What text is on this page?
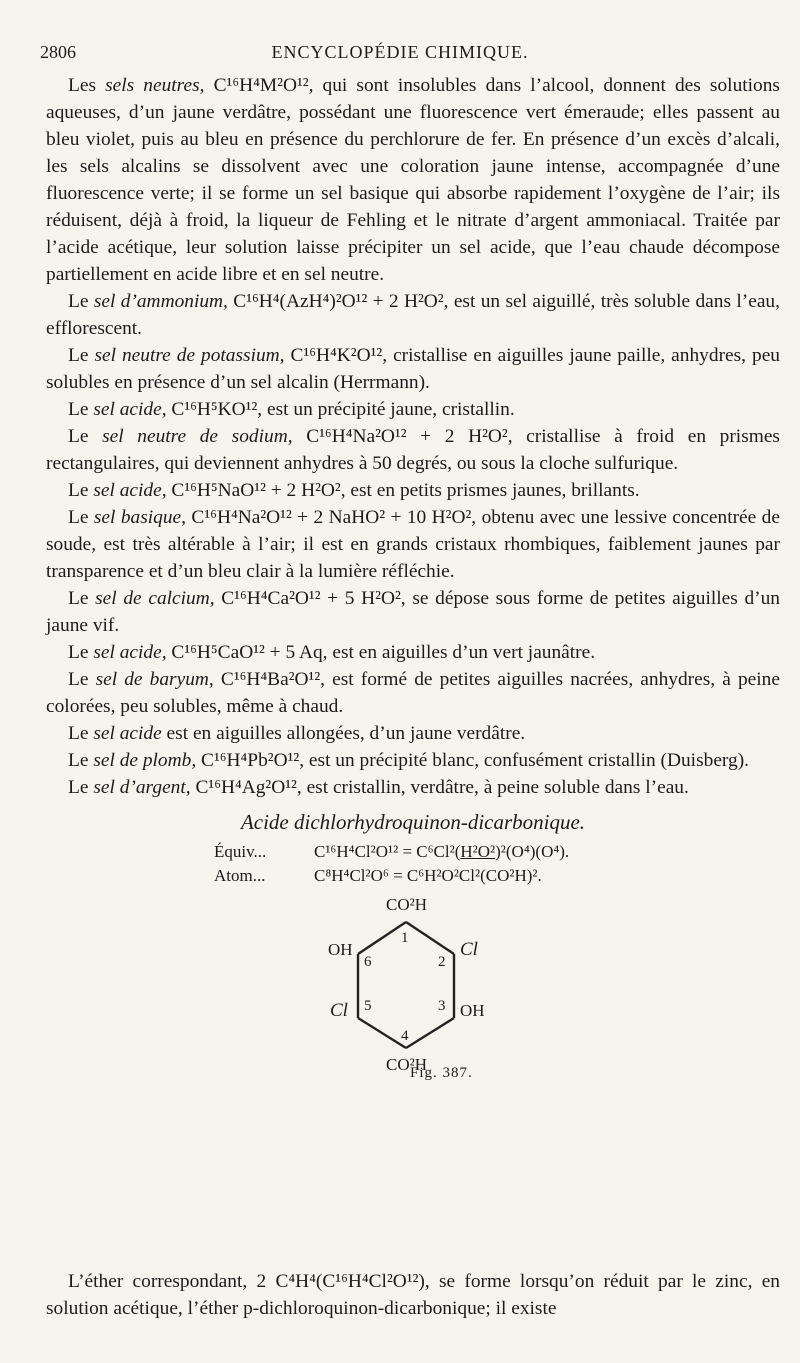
2806	ENCYCLOPÉDIE CHIMIQUE.

Les sels neutres, C¹⁶H⁴M²O¹², qui sont insolubles dans l’alcool, donnent des solutions aqueuses, d’un jaune verdâtre, possédant une fluorescence vert émeraude; elles passent au bleu violet, puis au bleu en présence du perchlorure de fer. En présence d’un excès d’alcali, les sels alcalins se dissolvent avec une coloration jaune intense, accompagnée d’une fluorescence verte; il se forme un sel basique qui absorbe rapidement l’oxygène de l’air; ils réduisent, déjà à froid, la liqueur de Fehling et le nitrate d’argent ammoniacal. Traitée par l’acide acétique, leur solution laisse précipiter un sel acide, que l’eau chaude décompose partiellement en acide libre et en sel neutre.

Le sel d’ammonium, C¹⁶H⁴(AzH⁴)²O¹² + 2 H²O², est un sel aiguillé, très soluble dans l’eau, efflorescent.

Le sel neutre de potassium, C¹⁶H⁴K²O¹², cristallise en aiguilles jaune paille, anhydres, peu solubles en présence d’un sel alcalin (Herrmann).

Le sel acide, C¹⁶H⁵KO¹², est un précipité jaune, cristallin.

Le sel neutre de sodium, C¹⁶H⁴Na²O¹² + 2 H²O², cristallise à froid en prismes rectangulaires, qui deviennent anhydres à 50 degrés, ou sous la cloche sulfurique.

Le sel acide, C¹⁶H⁵NaO¹² + 2 H²O², est en petits prismes jaunes, brillants.

Le sel basique, C¹⁶H⁴Na²O¹² + 2 NaHO² + 10 H²O², obtenu avec une lessive concentrée de soude, est très altérable à l’air; il est en grands cristaux rhombiques, faiblement jaunes par transparence et d’un bleu clair à la lumière réfléchie.

Le sel de calcium, C¹⁶H⁴Ca²O¹² + 5 H²O², se dépose sous forme de petites aiguilles d’un jaune vif.

Le sel acide, C¹⁶H⁵CaO¹² + 5 Aq, est en aiguilles d’un vert jaunâtre.

Le sel de baryum, C¹⁶H⁴Ba²O¹², est formé de petites aiguilles nacrées, anhydres, à peine colorées, peu solubles, même à chaud.

Le sel acide est en aiguilles allongées, d’un jaune verdâtre.

Le sel de plomb, C¹⁶H⁴Pb²O¹², est un précipité blanc, confusément cristallin (Duisberg).

Le sel d’argent, C¹⁶H⁴Ag²O¹², est cristallin, verdâtre, à peine soluble dans l’eau.

Acide dichlorhydroquinon-dicarbonique.
Équiv...	C¹⁶H⁴Cl²O¹² = C⁶Cl²(H²O²)²(O⁴)(O⁴).
Atom...	C⁸H⁴Cl²O⁶ = C⁶H²O²Cl²(CO²H)².
CO²H
OH	Cl
Cl	OH
CO²H
1
2
3
4
5
6
Fig. 387.

L’éther correspondant, 2 C⁴H⁴(C¹⁶H⁴Cl²O¹²), se forme lorsqu’on réduit par le zinc, en solution acétique, l’éther p-dichloroquinon-dicarbonique; il existe
